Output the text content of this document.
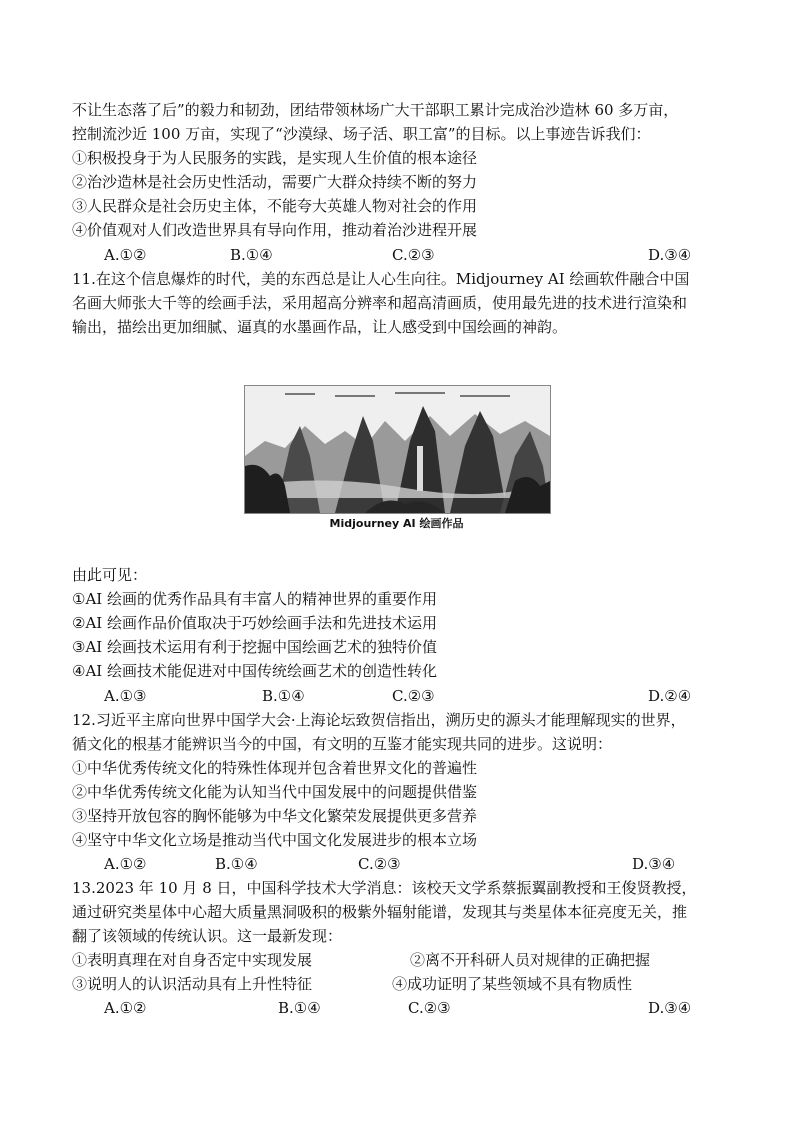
不让生态落了后”的毅力和韧劲，团结带领林场广大干部职工累计完成治沙造林 60 多万亩，
控制流沙近 100 万亩，实现了“沙漠绿、场子活、职工富”的目标。以上事迹告诉我们：
①积极投身于为人民服务的实践，是实现人生价值的根本途径
②治沙造林是社会历史性活动，需要广大群众持续不断的努力
③人民群众是社会历史主体，不能夸大英雄人物对社会的作用
④价值观对人们改造世界具有导向作用，推动着治沙进程开展
A.①②	B.①④	C.②③	D.③④
11.在这个信息爆炸的时代，美的东西总是让人心生向往。Midjourney AI 绘画软件融合中国
名画大师张大千等的绘画手法，采用超高分辨率和超高清画质，使用最先进的技术进行渲染和
输出，描绘出更加细腻、逼真的水墨画作品，让人感受到中国绘画的神韵。
Midjourney AI 绘画作品
由此可见：
①AI 绘画的优秀作品具有丰富人的精神世界的重要作用
②AI 绘画作品价值取决于巧妙绘画手法和先进技术运用
③AI 绘画技术运用有利于挖掘中国绘画艺术的独特价值
④AI 绘画技术能促进对中国传统绘画艺术的创造性转化
A.①③	B.①④	C.②③	D.②④
12.习近平主席向世界中国学大会·上海论坛致贺信指出，溯历史的源头才能理解现实的世界，
循文化的根基才能辨识当今的中国，有文明的互鉴才能实现共同的进步。这说明：
①中华优秀传统文化的特殊性体现并包含着世界文化的普遍性
②中华优秀传统文化能为认知当代中国发展中的问题提供借鉴
③坚持开放包容的胸怀能够为中华文化繁荣发展提供更多营养
④坚守中华文化立场是推动当代中国文化发展进步的根本立场
A.①②	B.①④	C.②③	D.③④
13.2023 年 10 月 8 日，中国科学技术大学消息：该校天文学系蔡振翼副教授和王俊贤教授，
通过研究类星体中心超大质量黑洞吸积的极紫外辐射能谱，发现其与类星体本征亮度无关，推
翻了该领域的传统认识。这一最新发现：
①表明真理在对自身否定中实现发展	②离不开科研人员对规律的正确把握
③说明人的认识活动具有上升性特征	④成功证明了某些领域不具有物质性
A.①②	B.①④	C.②③	D.③④
